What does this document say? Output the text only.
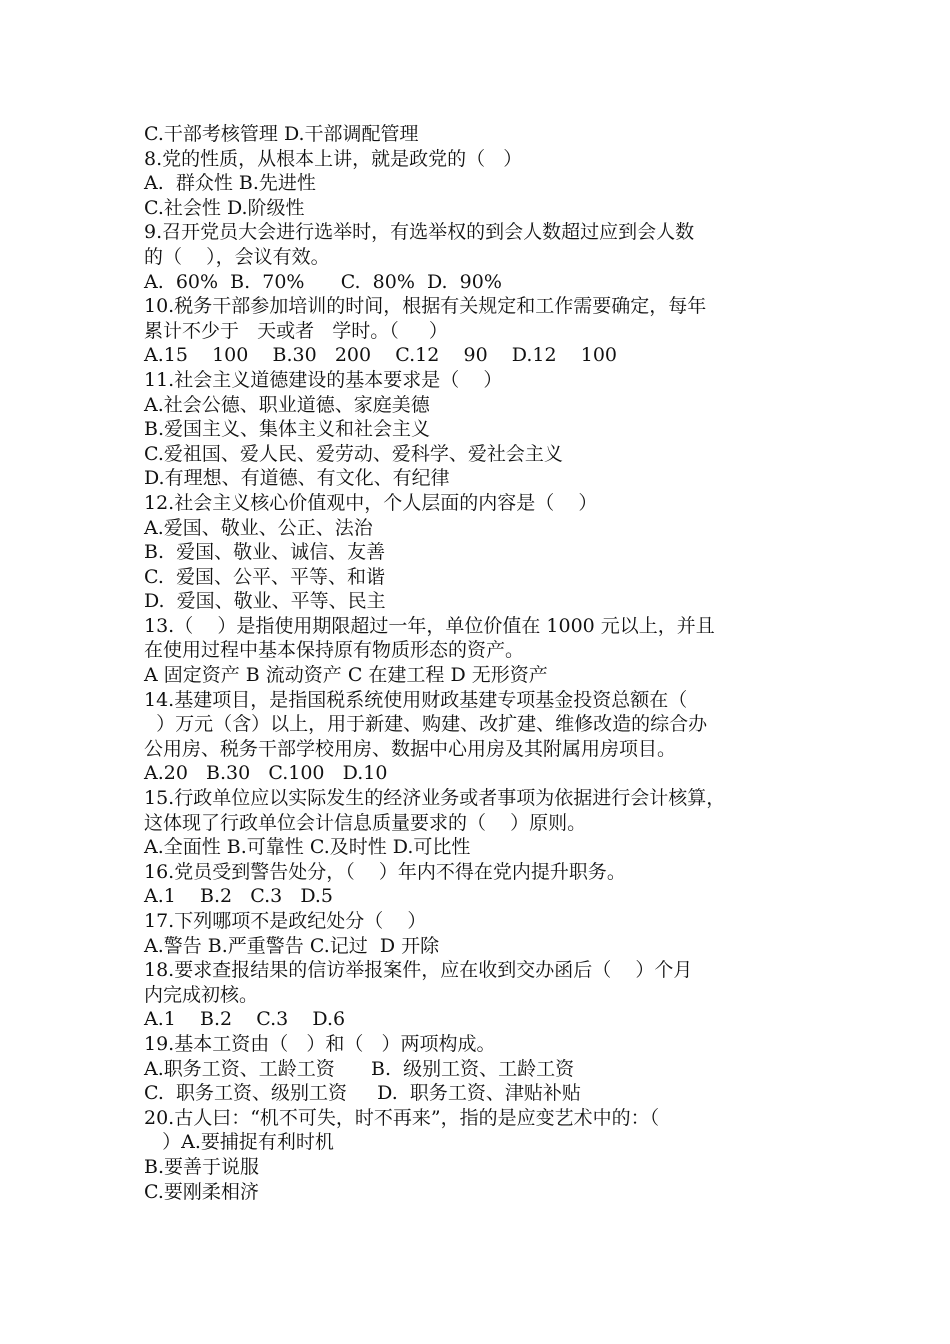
C.干部考核管理 D.干部调配管理
8.党的性质，从根本上讲，就是政党的（   ）
A.  群众性 B.先进性
C.社会性 D.阶级性
9.召开党员大会进行选举时，有选举权的到会人数超过应到会人数
的（    ），会议有效。
A.  60%  B.  70%      C.  80%  D.  90%
10.税务干部参加培训的时间，根据有关规定和工作需要确定，每年
累计不少于   天或者   学时。（     ）
A.15    100    B.30   200    C.12    90    D.12    100
11.社会主义道德建设的基本要求是（    ）
A.社会公德、职业道德、家庭美德
B.爱国主义、集体主义和社会主义
C.爱祖国、爱人民、爱劳动、爱科学、爱社会主义
D.有理想、有道德、有文化、有纪律
12.社会主义核心价值观中，个人层面的内容是（    ）
A.爱国、敬业、公正、法治
B.  爱国、敬业、诚信、友善
C.  爱国、公平、平等、和谐
D.  爱国、敬业、平等、民主
13.（    ）是指使用期限超过一年，单位价值在 1000 元以上，并且
在使用过程中基本保持原有物质形态的资产。
A 固定资产 B 流动资产 C 在建工程 D 无形资产
14.基建项目，是指国税系统使用财政基建专项基金投资总额在（
）万元（含）以上，用于新建、购建、改扩建、维修改造的综合办
公用房、税务干部学校用房、数据中心用房及其附属用房项目。
A.20   B.30   C.100   D.10
15.行政单位应以实际发生的经济业务或者事项为依据进行会计核算，
这体现了行政单位会计信息质量要求的（    ）原则。
A.全面性 B.可靠性 C.及时性 D.可比性
16.党员受到警告处分，（    ）年内不得在党内提升职务。
A.1    B.2   C.3   D.5
17.下列哪项不是政纪处分（    ）
A.警告 B.严重警告 C.记过  D 开除
18.要求查报结果的信访举报案件，应在收到交办函后（    ）个月
内完成初核。
A.1    B.2    C.3    D.6
19.基本工资由（   ）和（   ）两项构成。
A.职务工资、工龄工资      B.  级别工资、工龄工资
C.  职务工资、级别工资     D.  职务工资、津贴补贴
20.古人曰：“机不可失，时不再来”，指的是应变艺术中的：（
）A.要捕捉有利时机
B.要善于说服
C.要刚柔相济
